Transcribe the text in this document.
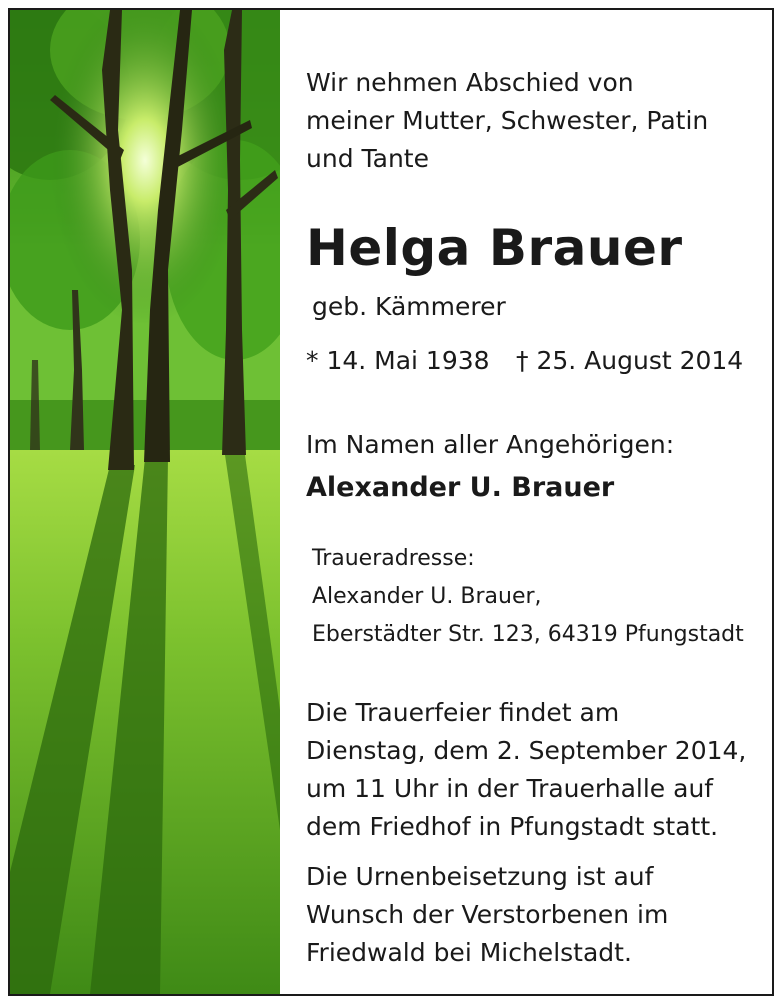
Wir nehmen Abschied von
meiner Mutter, Schwester, Patin
und Tante
Helga Brauer
geb. Kämmerer
* 14. Mai 1938 † 25. August 2014
Im Namen aller Angehörigen:
Alexander U. Brauer
Traueradresse:
Alexander U. Brauer,
Eberstädter Str. 123, 64319 Pfungstadt
Die Trauerfeier findet am
Dienstag, dem 2. September 2014,
um 11 Uhr in der Trauerhalle auf
dem Friedhof in Pfungstadt statt.
Die Urnenbeisetzung ist auf
Wunsch der Verstorbenen im
Friedwald bei Michelstadt.
